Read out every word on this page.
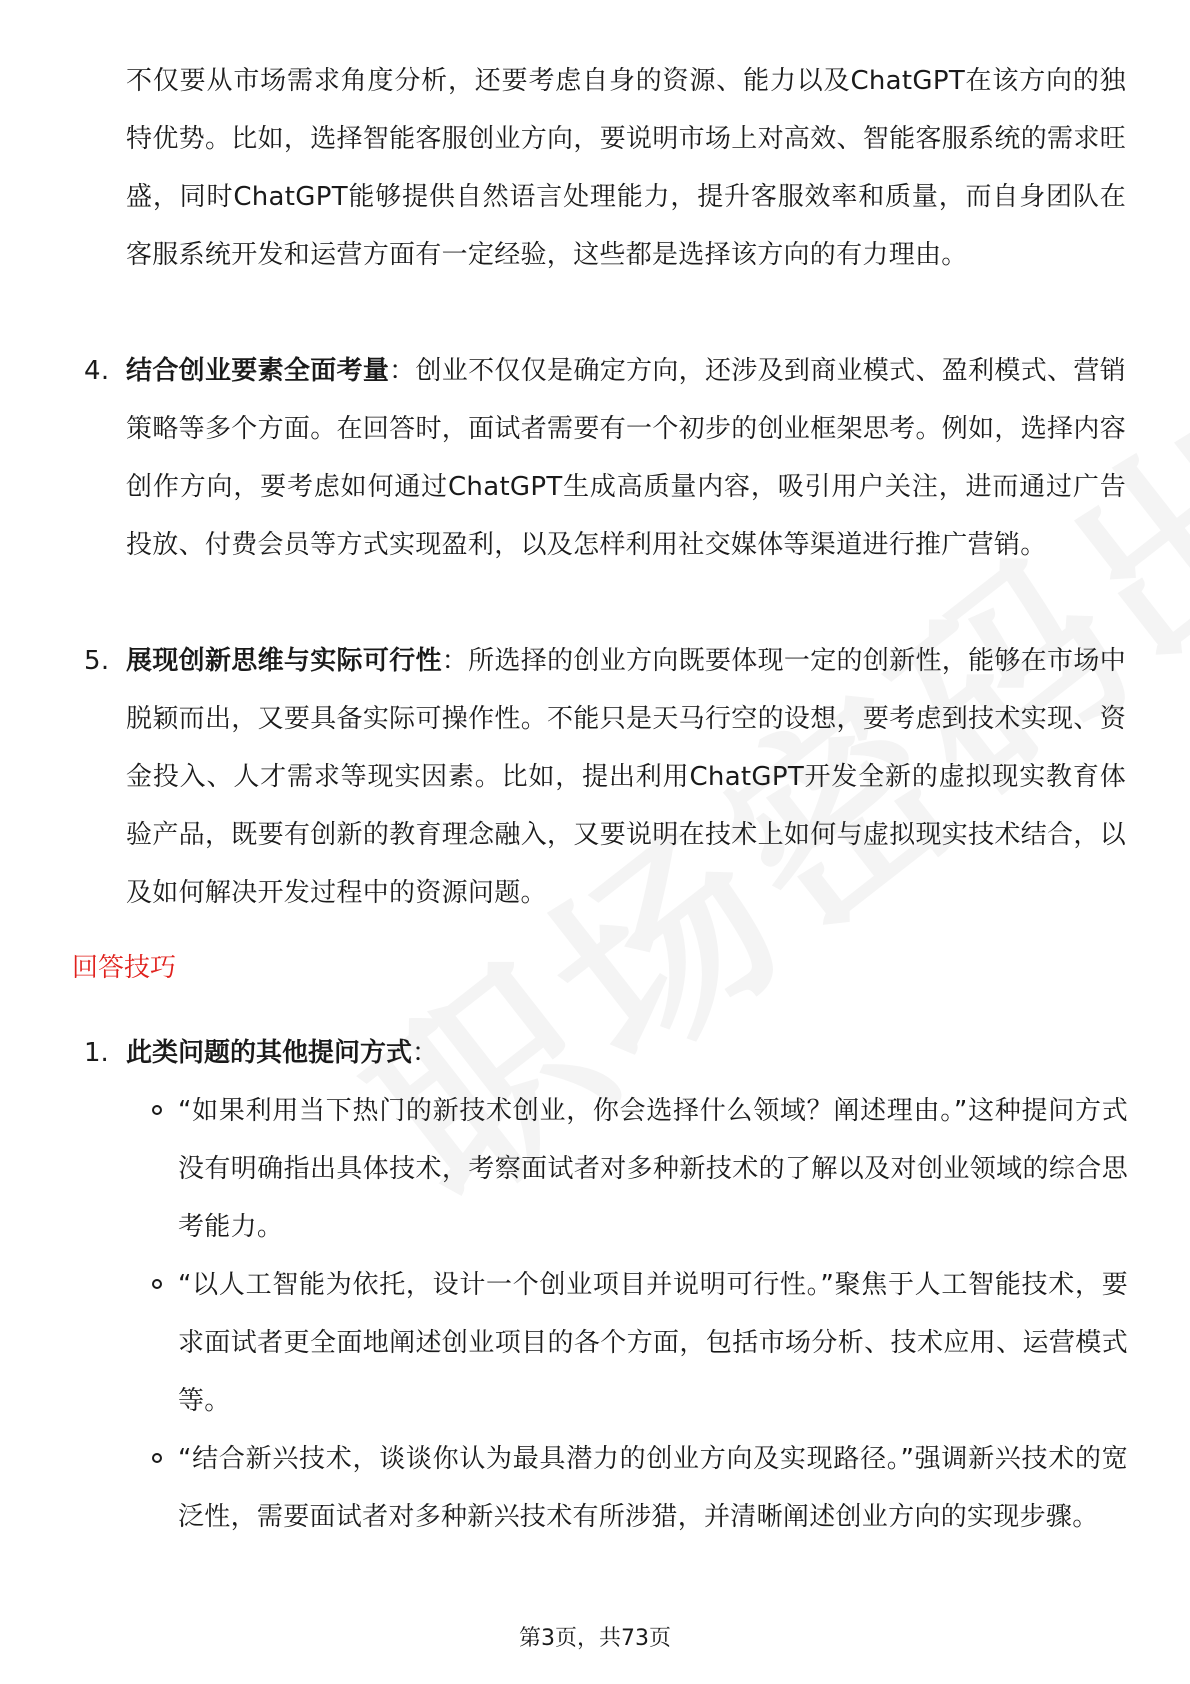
不仅要从市场需求角度分析，还要考虑自身的资源、能力以及ChatGPT在该方向的独特优势。比如，选择智能客服创业方向，要说明市场上对高效、智能客服系统的需求旺盛，同时ChatGPT能够提供自然语言处理能力，提升客服效率和质量，而自身团队在客服系统开发和运营方面有一定经验，这些都是选择该方向的有力理由。

4. 结合创业要素全面考量：创业不仅仅是确定方向，还涉及到商业模式、盈利模式、营销策略等多个方面。在回答时，面试者需要有一个初步的创业框架思考。例如，选择内容创作方向，要考虑如何通过ChatGPT生成高质量内容，吸引用户关注，进而通过广告投放、付费会员等方式实现盈利，以及怎样利用社交媒体等渠道进行推广营销。
5. 展现创新思维与实际可行性：所选择的创业方向既要体现一定的创新性，能够在市场中脱颖而出，又要具备实际可操作性。不能只是天马行空的设想，要考虑到技术实现、资金投入、人才需求等现实因素。比如，提出利用ChatGPT开发全新的虚拟现实教育体验产品，既要有创新的教育理念融入，又要说明在技术上如何与虚拟现实技术结合，以及如何解决开发过程中的资源问题。
回答技巧
1. 此类问题的其他提问方式：
“如果利用当下热门的新技术创业，你会选择什么领域？阐述理由。”这种提问方式没有明确指出具体技术，考察面试者对多种新技术的了解以及对创业领域的综合思考能力。
“以人工智能为依托，设计一个创业项目并说明可行性。”聚焦于人工智能技术，要求面试者更全面地阐述创业项目的各个方面，包括市场分析、技术应用、运营模式等。
“结合新兴技术，谈谈你认为最具潜力的创业方向及实现路径。”强调新兴技术的宽泛性，需要面试者对多种新兴技术有所涉猎，并清晰阐述创业方向的实现步骤。
第3页，共73页
